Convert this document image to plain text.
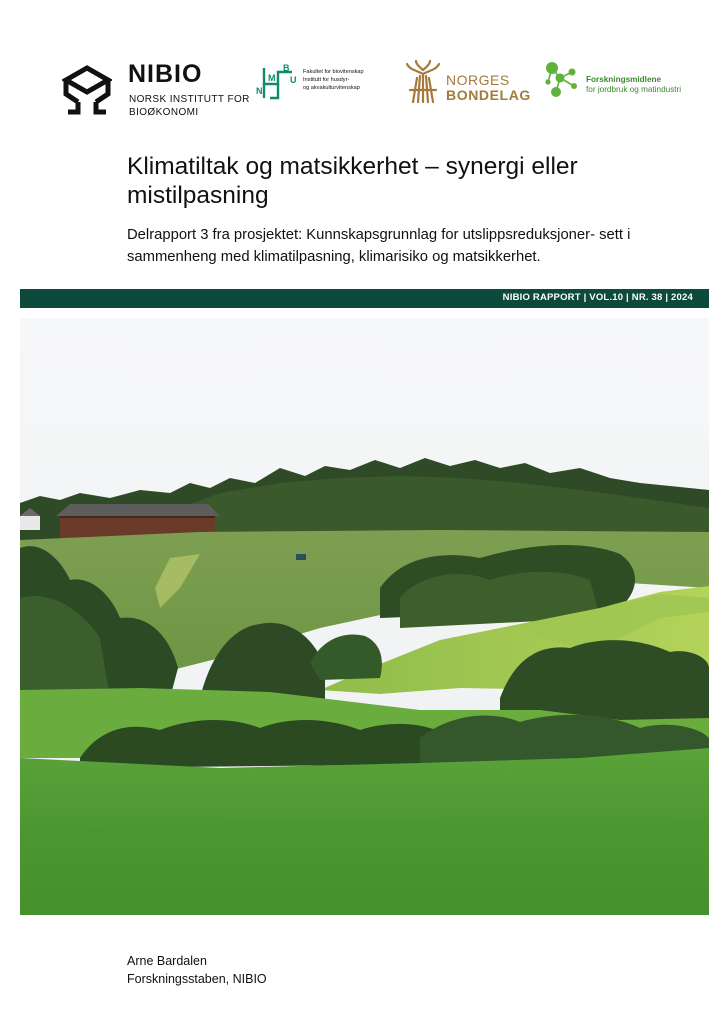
NIBIO
NORSK INSTITUTT FOR
BIOØKONOMI
B
M U
N
Fakultet for biovitenskap
Institutt for husdyr-
og akvakulturvitenskap	NORGES
BONDELAG
Forskningsmidlene
for jordbruk og matindustri
Klimatiltak og matsikkerhet – synergi eller mistilpasning

Delrapport 3 fra prosjektet: Kunnskapsgrunnlag for utslippsreduksjoner- sett i sammenheng med klimatilpasning, klimarisiko og matsikkerhet.

NIBIO RAPPORT | VOL.10 | NR. 38 | 2024
Arne Bardalen
Forskningsstaben, NIBIO
